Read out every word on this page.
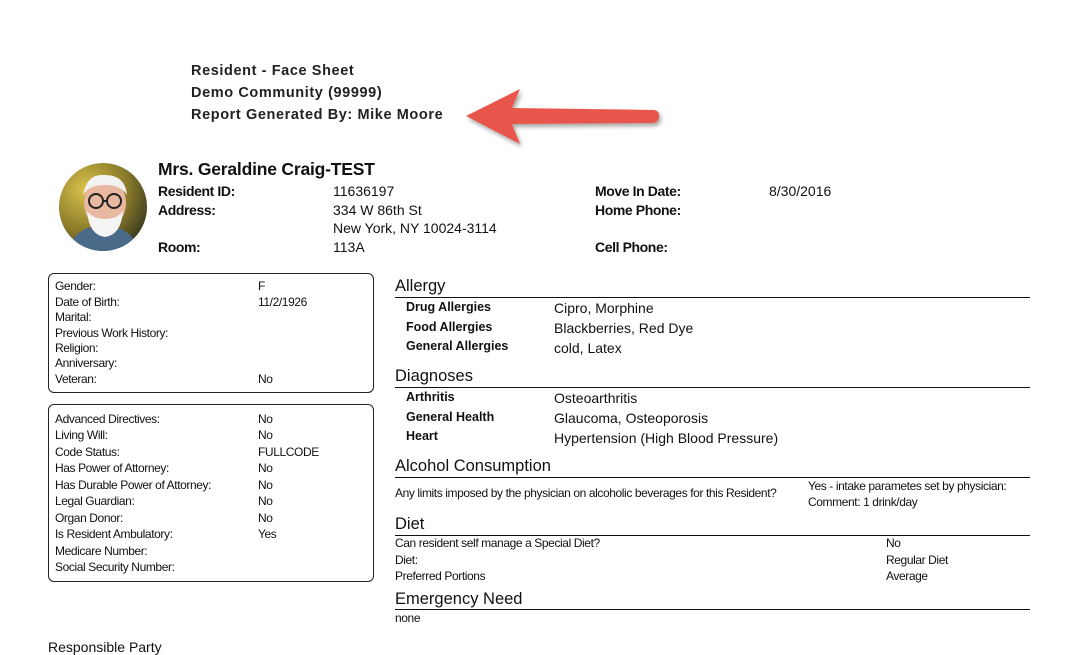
Resident - Face Sheet
Demo Community (99999)
Report Generated By: Mike Moore
Mrs. Geraldine Craig-TEST
Resident ID:	11636197
Address:	334 W 86th St
New York, NY 10024-3114
Room:	113A
Move In Date:	8/30/2016
Home Phone:
Cell Phone:
Gender:	F
Date of Birth:	11/2/1926
Marital:
Previous Work History:
Religion:
Anniversary:
Veteran:	No
Advanced Directives:	No
Living Will:	No
Code Status:	FULLCODE
Has Power of Attorney:	No
Has Durable Power of Attorney:	No
Legal Guardian:	No
Organ Donor:	No
Is Resident Ambulatory:	Yes
Medicare Number:
Social Security Number:
Allergy
Drug Allergies	Cipro, Morphine
Food Allergies	Blackberries, Red Dye
General Allergies	cold, Latex
Diagnoses
Arthritis	Osteoarthritis
General Health	Glaucoma, Osteoporosis
Heart	Hypertension (High Blood Pressure)
Alcohol Consumption
Any limits imposed by the physician on alcoholic beverages for this Resident?	Yes - intake parametes set by physician:
Comment: 1 drink/day
Diet
Can resident self manage a Special Diet?	No
Diet:	Regular Diet
Preferred Portions	Average
Emergency Need
none
Responsible Party
